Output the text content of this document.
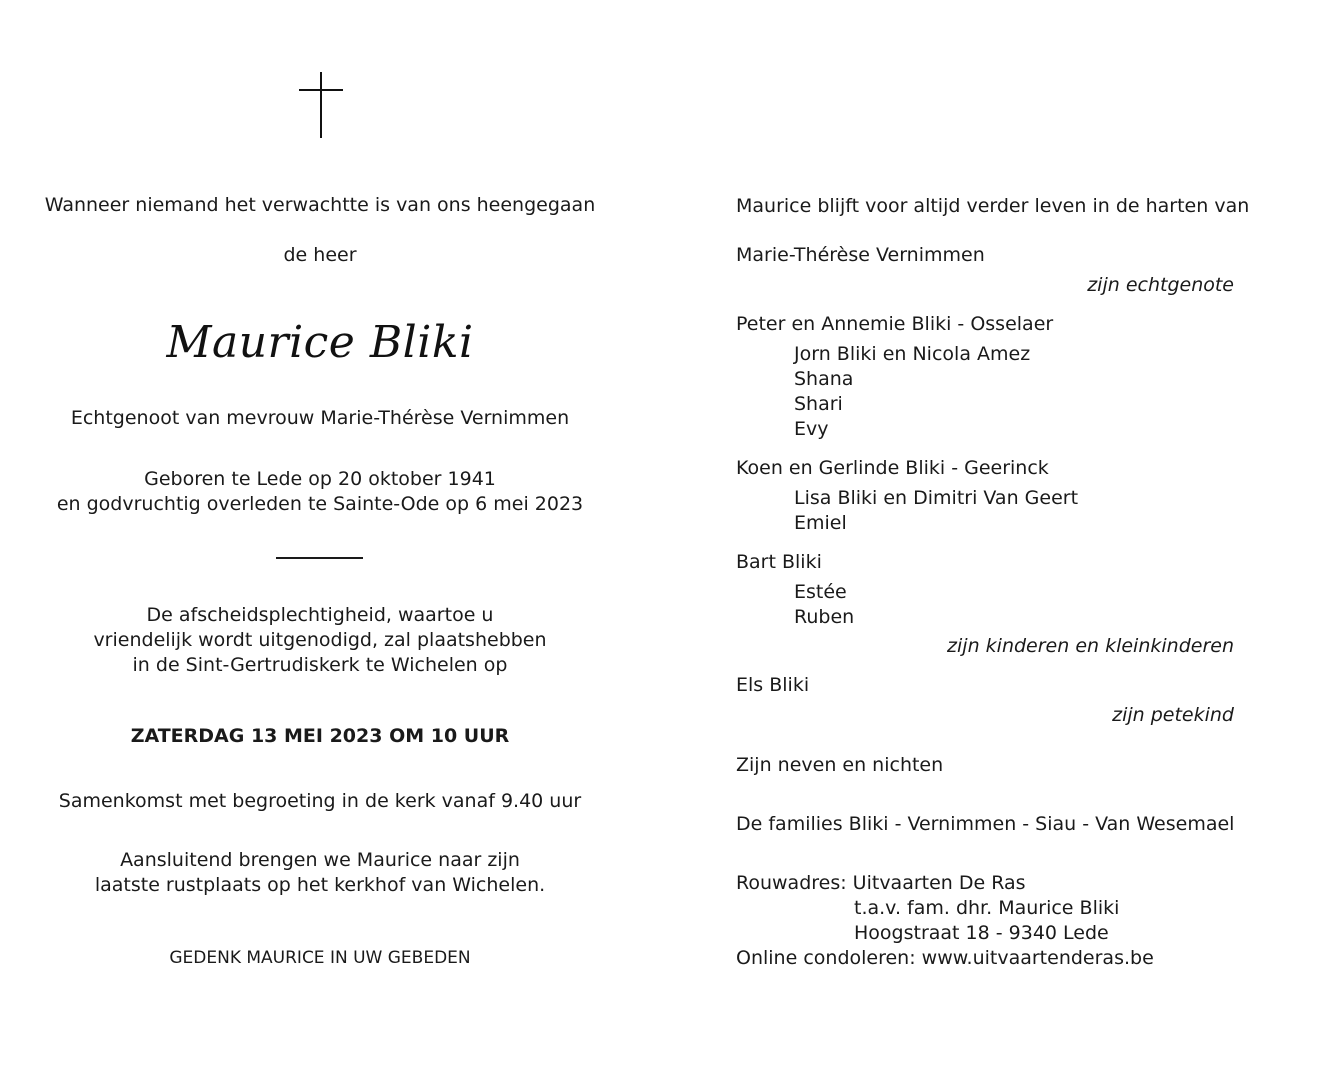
Wanneer niemand het verwachtte is van ons heengegaan
de heer
Maurice Bliki
Echtgenoot van mevrouw Marie-Thérèse Vernimmen
Geboren te Lede op 20 oktober 1941
en godvruchtig overleden te Sainte-Ode op 6 mei 2023
De afscheidsplechtigheid, waartoe u
vriendelijk wordt uitgenodigd, zal plaatshebben
in de Sint-Gertrudiskerk te Wichelen op
ZATERDAG 13 MEI 2023 OM 10 UUR
Samenkomst met begroeting in de kerk vanaf 9.40 uur
Aansluitend brengen we Maurice naar zijn
laatste rustplaats op het kerkhof van Wichelen.
GEDENK MAURICE IN UW GEBEDEN
Maurice blijft voor altijd verder leven in de harten van
Marie-Thérèse Vernimmen
zijn echtgenote
Peter en Annemie Bliki - Osselaer
Jorn Bliki en Nicola Amez
Shana
Shari
Evy
Koen en Gerlinde Bliki - Geerinck
Lisa Bliki en Dimitri Van Geert
Emiel
Bart Bliki
Estée
Ruben
zijn kinderen en kleinkinderen
Els Bliki
zijn petekind
Zijn neven en nichten
De families Bliki - Vernimmen - Siau - Van Wesemael
Rouwadres: Uitvaarten De Ras
t.a.v. fam. dhr. Maurice Bliki
Hoogstraat 18 - 9340 Lede
Online condoleren: www.uitvaartenderas.be
